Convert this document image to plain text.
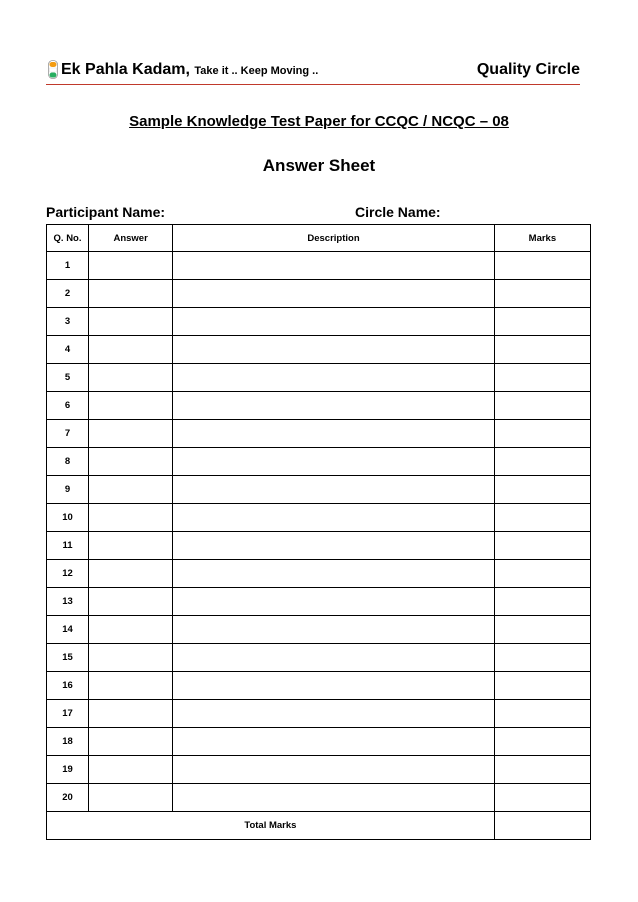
Ek Pahla Kadam, Take it .. Keep Moving ..	Quality Circle
Sample Knowledge Test Paper for CCQC / NCQC – 08
Answer Sheet
Participant Name:	Circle Name:
Q. No.	Answer	Description	Marks
1			
2			
3			
4			
5			
6			
7			
8			
9			
10			
11			
12			
13			
14			
15			
16			
17			
18			
19			
20			
Total Marks			
